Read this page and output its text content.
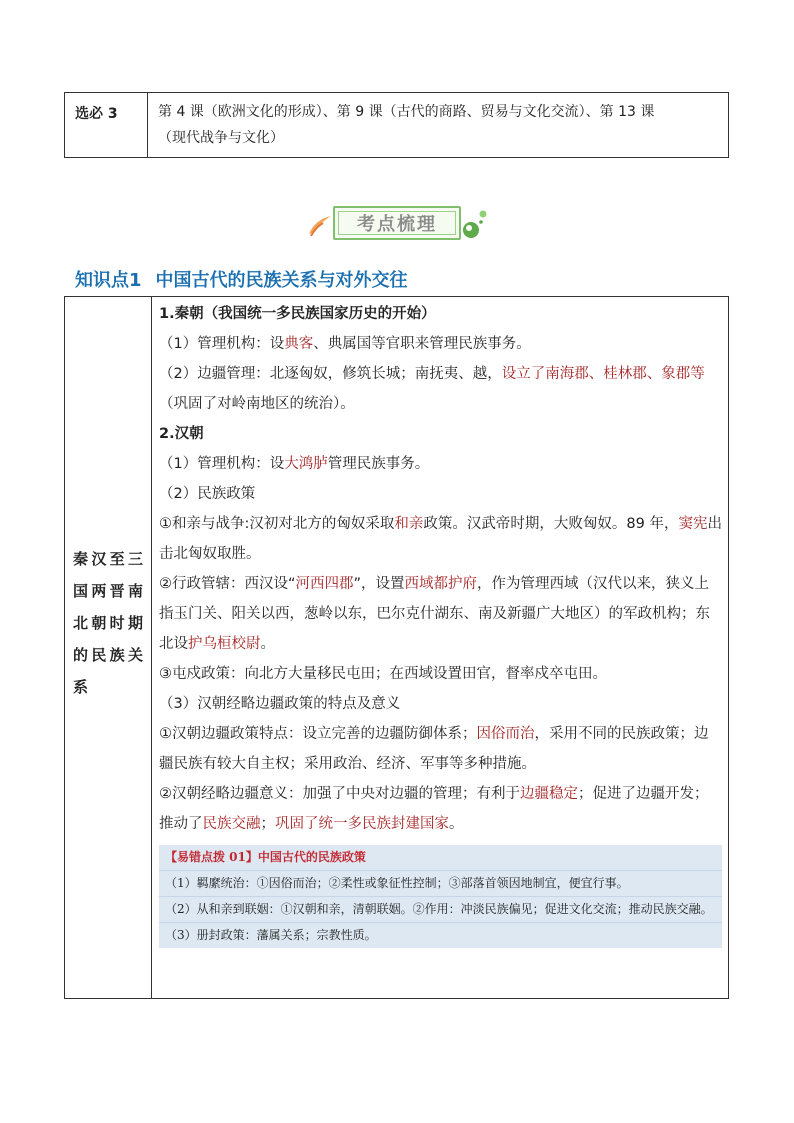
选必 3	第 4 课（欧洲文化的形成）、第 9 课（古代的商路、贸易与文化交流）、第 13 课
（现代战争与文化）
考点梳理
知识点1 中国古代的民族关系与对外交往
秦汉至三国两晋南北朝时期的民族关系
1.秦朝（我国统一多民族国家历史的开始）
（1）管理机构：设典客、典属国等官职来管理民族事务。
（2）边疆管理：北逐匈奴，修筑长城；南抚夷、越，设立了南海郡、桂林郡、象郡等（巩固了对岭南地区的统治）。
2.汉朝
（1）管理机构：设大鸿胪管理民族事务。
（2）民族政策
①和亲与战争:汉初对北方的匈奴采取和亲政策。汉武帝时期，大败匈奴。89 年，窦宪出击北匈奴取胜。
②行政管辖：西汉设“河西四郡”，设置西域都护府，作为管理西域（汉代以来，狭义上指玉门关、阳关以西，葱岭以东，巴尔克什湖东、南及新疆广大地区）的军政机构；东北设护乌桓校尉。
③屯戍政策：向北方大量移民屯田；在西域设置田官，督率戍卒屯田。
（3）汉朝经略边疆政策的特点及意义
①汉朝边疆政策特点：设立完善的边疆防御体系；因俗而治，采用不同的民族政策；边疆民族有较大自主权；采用政治、经济、军事等多种措施。
②汉朝经略边疆意义：加强了中央对边疆的管理；有利于边疆稳定；促进了边疆开发；推动了民族交融；巩固了统一多民族封建国家。
【易错点拨 01】中国古代的民族政策
（1）羁縻统治：①因俗而治；②柔性或象征性控制；③部落首领因地制宜，便宜行事。
（2）从和亲到联姻：①汉朝和亲，清朝联姻。②作用：冲淡民族偏见；促进文化交流；推动民族交融。
（3）册封政策：藩属关系；宗教性质。
